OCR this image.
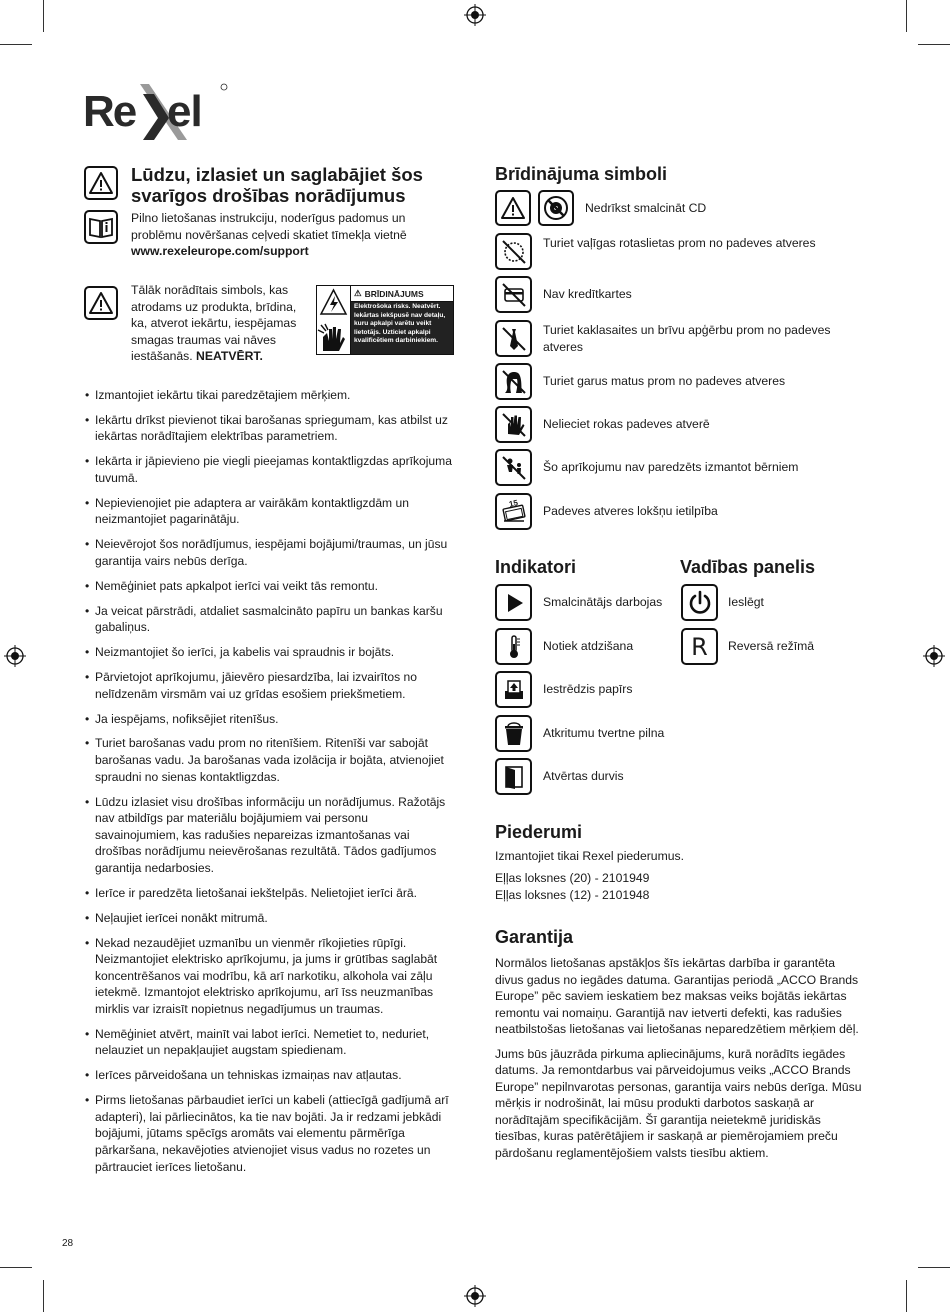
Re el
Lūdzu, izlasiet un saglabājiet šos svarīgos drošības norādījumus
Pilno lietošanas instrukciju, noderīgus padomus un problēmu novēršanas ceļvedi skatiet tīmekļa vietnē www.rexeleurope.com/support
Tālāk norādītais simbols, kas atrodams uz produkta, brīdina, ka, atverot iekārtu, iespējamas smagas traumas vai nāves iestāšanās. NEATVĒRT.
⚠ BRĪDINĀJUMS
Elektrošoka risks. Neatvērt. Iekārtas iekšpusē nav detaļu, kuru apkalpi varētu veikt lietotājs. Uzticiet apkalpi kvalificētiem darbiniekiem.
• Izmantojiet iekārtu tikai paredzētajiem mērķiem.
• Iekārtu drīkst pievienot tikai barošanas spriegumam, kas atbilst uz iekārtas norādītajiem elektrības parametriem.
• Iekārta ir jāpievieno pie viegli pieejamas kontaktligzdas aprīkojuma tuvumā.
• Nepievienojiet pie adaptera ar vairākām kontaktligzdām un neizmantojiet pagarinātāju.
• Neievērojot šos norādījumus, iespējami bojājumi/traumas, un jūsu garantija vairs nebūs derīga.
• Nemēģiniet pats apkalpot ierīci vai veikt tās remontu.
• Ja veicat pārstrādi, atdaliet sasmalcināto papīru un bankas karšu gabaliņus.
• Neizmantojiet šo ierīci, ja kabelis vai spraudnis ir bojāts.
• Pārvietojot aprīkojumu, jāievēro piesardzība, lai izvairītos no nelīdzenām virsmām vai uz grīdas esošiem priekšmetiem.
• Ja iespējams, nofiksējiet ritenīšus.
• Turiet barošanas vadu prom no ritenīšiem. Ritenīši var sabojāt barošanas vadu. Ja barošanas vada izolācija ir bojāta, atvienojiet spraudni no sienas kontaktligzdas.
• Lūdzu izlasiet visu drošības informāciju un norādījumus. Ražotājs nav atbildīgs par materiālu bojājumiem vai personu savainojumiem, kas radušies nepareizas izmantošanas vai drošības norādījumu neievērošanas rezultātā. Tādos gadījumos garantija nedarbosies.
• Ierīce ir paredzēta lietošanai iekštelpās. Nelietojiet ierīci ārā.
• Neļaujiet ierīcei nonākt mitrumā.
• Nekad nezaudējiet uzmanību un vienmēr rīkojieties rūpīgi. Neizmantojiet elektrisko aprīkojumu, ja jums ir grūtības saglabāt koncentrēšanos vai modrību, kā arī narkotiku, alkohola vai zāļu ietekmē. Izmantojot elektrisko aprīkojumu, arī īss neuzmanības mirklis var izraisīt nopietnus negadījumus un traumas.
• Nemēģiniet atvērt, mainīt vai labot ierīci. Nemetiet to, neduriet, nelauziet un nepakļaujiet augstam spiedienam.
• Ierīces pārveidošana un tehniskas izmaiņas nav atļautas.
• Pirms lietošanas pārbaudiet ierīci un kabeli (attiecīgā gadījumā arī adapteri), lai pārliecinātos, ka tie nav bojāti. Ja ir redzami jebkādi bojājumi, jūtams spēcīgs aromāts vai elementu pārmērīga pārkaršana, nekavējoties atvienojiet visus vadus no rozetes un pārtrauciet ierīces lietošanu.
Brīdinājuma simboli
Nedrīkst smalcināt CD
Turiet vaļīgas rotaslietas prom no padeves atveres
Nav kredītkartes
Turiet kaklasaites un brīvu apģērbu prom no padeves atveres
Turiet garus matus prom no padeves atveres
Nelieciet rokas padeves atverē
Šo aprīkojumu nav paredzēts izmantot bērniem
15
Padeves atveres lokšņu ietilpība
Indikatori
Smalcinātājs darbojas
Notiek atdzišana
Iestrēdzis papīrs
Atkritumu tvertne pilna
Atvērtas durvis
Vadības panelis
Ieslēgt
R Reversā režīmā
Piederumi
Izmantojiet tikai Rexel piederumus.
Eļļas loksnes (20) - 2101949
Eļļas loksnes (12) - 2101948
Garantija

Normālos lietošanas apstākļos šīs iekārtas darbība ir garantēta divus gadus no iegādes datuma. Garantijas periodā „ACCO Brands Europe” pēc saviem ieskatiem bez maksas veiks bojātās iekārtas remontu vai nomaiņu. Garantijā nav ietverti defekti, kas radušies neatbilstošas lietošanas vai lietošanas neparedzētiem mērķiem dēļ.

Jums būs jāuzrāda pirkuma apliecinājums, kurā norādīts iegādes datums. Ja remontdarbus vai pārveidojumus veiks „ACCO Brands Europe” nepilnvarotas personas, garantija vairs nebūs derīga. Mūsu mērķis ir nodrošināt, lai mūsu produkti darbotos saskaņā ar norādītajām specifikācijām. Šī garantija neietekmē juridiskās tiesības, kuras patērētājiem ir saskaņā ar piemērojamiem preču pārdošanu reglamentējošiem valsts tiesību aktiem.

28
